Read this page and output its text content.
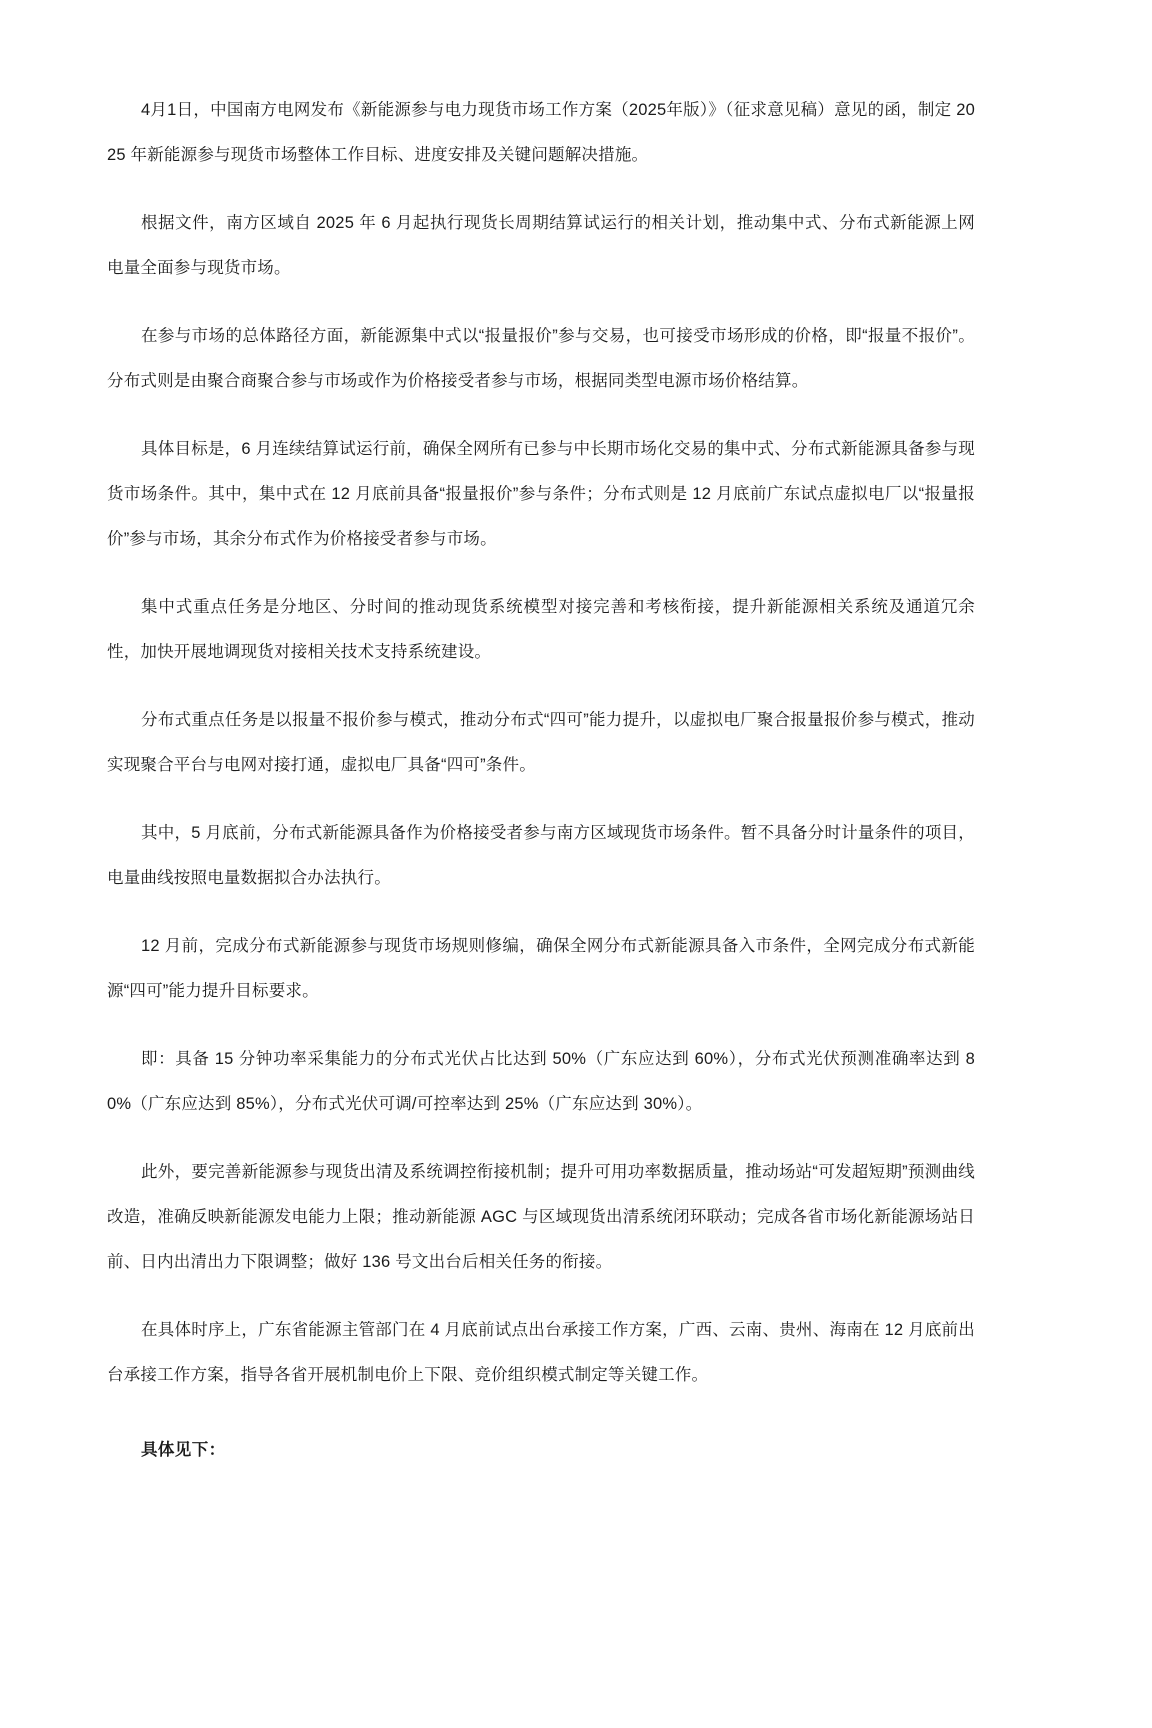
4月1日，中国南方电网发布《新能源参与电力现货市场工作方案（2025年版）》（征求意见稿）意见的函，制定 2025 年新能源参与现货市场整体工作目标、进度安排及关键问题解决措施。

根据文件，南方区域自 2025 年 6 月起执行现货长周期结算试运行的相关计划，推动集中式、分布式新能源上网电量全面参与现货市场。

在参与市场的总体路径方面，新能源集中式以“报量报价”参与交易，也可接受市场形成的价格，即“报量不报价”。分布式则是由聚合商聚合参与市场或作为价格接受者参与市场，根据同类型电源市场价格结算。

具体目标是，6 月连续结算试运行前，确保全网所有已参与中长期市场化交易的集中式、分布式新能源具备参与现货市场条件。其中，集中式在 12 月底前具备“报量报价”参与条件；分布式则是 12 月底前广东试点虚拟电厂以“报量报价”参与市场，其余分布式作为价格接受者参与市场。

集中式重点任务是分地区、分时间的推动现货系统模型对接完善和考核衔接，提升新能源相关系统及通道冗余性，加快开展地调现货对接相关技术支持系统建设。

分布式重点任务是以报量不报价参与模式，推动分布式“四可”能力提升，以虚拟电厂聚合报量报价参与模式，推动实现聚合平台与电网对接打通，虚拟电厂具备“四可”条件。

其中，5 月底前，分布式新能源具备作为价格接受者参与南方区域现货市场条件。暂不具备分时计量条件的项目，电量曲线按照电量数据拟合办法执行。

12 月前，完成分布式新能源参与现货市场规则修编，确保全网分布式新能源具备入市条件，全网完成分布式新能源“四可”能力提升目标要求。

即：具备 15 分钟功率采集能力的分布式光伏占比达到 50%（广东应达到 60%），分布式光伏预测准确率达到 80%（广东应达到 85%），分布式光伏可调/可控率达到 25%（广东应达到 30%）。

此外，要完善新能源参与现货出清及系统调控衔接机制；提升可用功率数据质量，推动场站“可发超短期”预测曲线改造，准确反映新能源发电能力上限；推动新能源 AGC 与区域现货出清系统闭环联动；完成各省市场化新能源场站日前、日内出清出力下限调整；做好 136 号文出台后相关任务的衔接。

在具体时序上，广东省能源主管部门在 4 月底前试点出台承接工作方案，广西、云南、贵州、海南在 12 月底前出台承接工作方案，指导各省开展机制电价上下限、竞价组织模式制定等关键工作。

具体见下：
